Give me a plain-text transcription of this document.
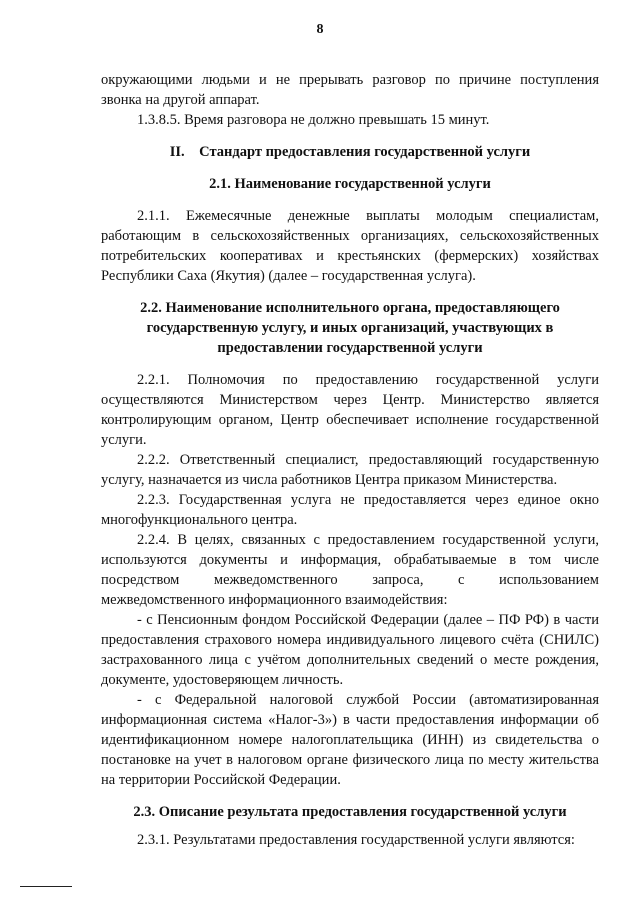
8

окружающими людьми и не прерывать разговор по причине поступления звонка на другой аппарат.

1.3.8.5. Время разговора не должно превышать 15 минут.

II.    Стандарт предоставления государственной услуги

2.1. Наименование государственной услуги

2.1.1. Ежемесячные денежные выплаты молодым специалистам, работающим в сельскохозяйственных организациях, сельскохозяйственных потребительских кооперативах и крестьянских (фермерских) хозяйствах Республики Саха (Якутия) (далее – государственная услуга).

2.2. Наименование исполнительного органа, предоставляющего

государственную услугу, и иных организаций, участвующих в

предоставлении государственной услуги

2.2.1. Полномочия по предоставлению государственной услуги осуществляются Министерством через Центр. Министерство является контролирующим органом, Центр обеспечивает исполнение государственной услуги.

2.2.2. Ответственный специалист, предоставляющий государственную услугу, назначается из числа работников Центра приказом Министерства.

2.2.3. Государственная услуга не предоставляется через единое окно многофункционального центра.

2.2.4. В целях, связанных с предоставлением государственной услуги, используются документы и информация, обрабатываемые в том числе посредством межведомственного запроса, с использованием межведомственного информационного взаимодействия:

- с Пенсионным фондом Российской Федерации (далее – ПФ РФ) в части предоставления страхового номера индивидуального лицевого счёта (СНИЛС) застрахованного лица с учётом дополнительных сведений о месте рождения, документе, удостоверяющем личность.

- с Федеральной налоговой службой России (автоматизированная информационная система «Налог-3») в части предоставления информации об идентификационном номере налогоплательщика (ИНН) из свидетельства о постановке на учет в налоговом органе физического лица по месту жительства на территории Российской Федерации.

2.3. Описание результата предоставления государственной услуги

2.3.1. Результатами предоставления государственной услуги являются:
